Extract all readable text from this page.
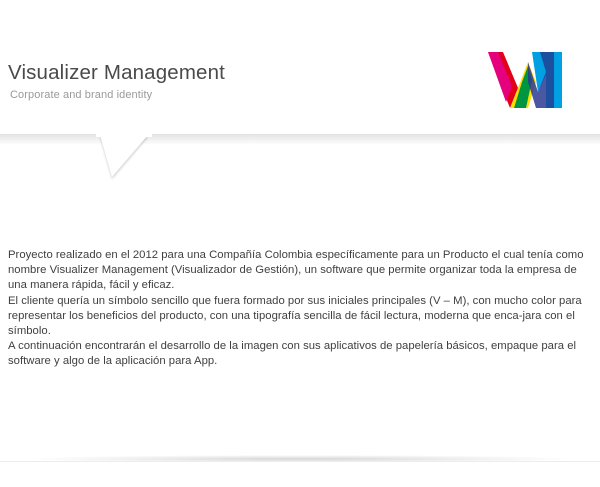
Visualizer Management
Corporate and brand identity

Proyecto realizado en el 2012 para una Compañía Colombia específicamente para un Producto el cual tenía como nombre Visualizer Management (Visualizador de Gestión), un software que permite organizar toda la empresa de una manera rápida, fácil y eficaz.

El cliente quería un símbolo sencillo que fuera formado por sus iniciales principales (V – M), con mucho color para representar los beneficios del producto, con una tipografía sencilla de fácil lectura, moderna que enca-jara con el símbolo.

A continuación encontrarán el desarrollo de la imagen con sus aplicativos de papelería básicos, empaque para el software y algo de la aplicación para App.
